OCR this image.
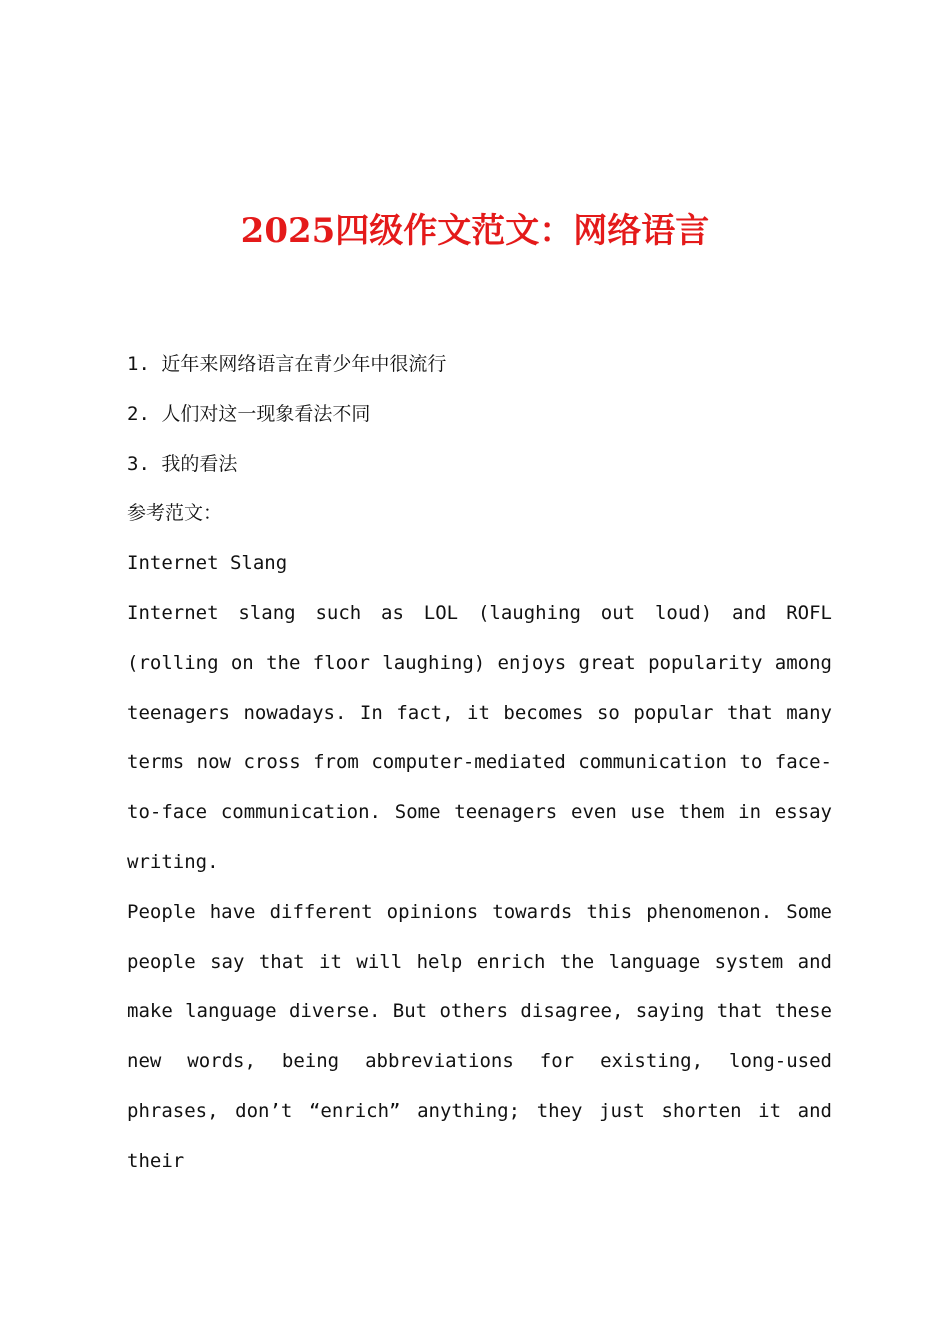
2025四级作文范文：网络语言
1. 近年来网络语言在青少年中很流行
2. 人们对这一现象看法不同
3. 我的看法
参考范文：
Internet Slang

Internet slang such as LOL (laughing out loud) and ROFL (rolling on the floor laughing) enjoys great popularity among teenagers nowadays. In fact, it becomes so popular that many terms now cross from computer-mediated communication to face-to-face communication. Some teenagers even use them in essay writing.

People have different opinions towards this phenomenon. Some people say that it will help enrich the language system and make language diverse. But others disagree, saying that these new words, being abbreviations for existing, long-used phrases, don’t “enrich” anything; they just shorten it and their
